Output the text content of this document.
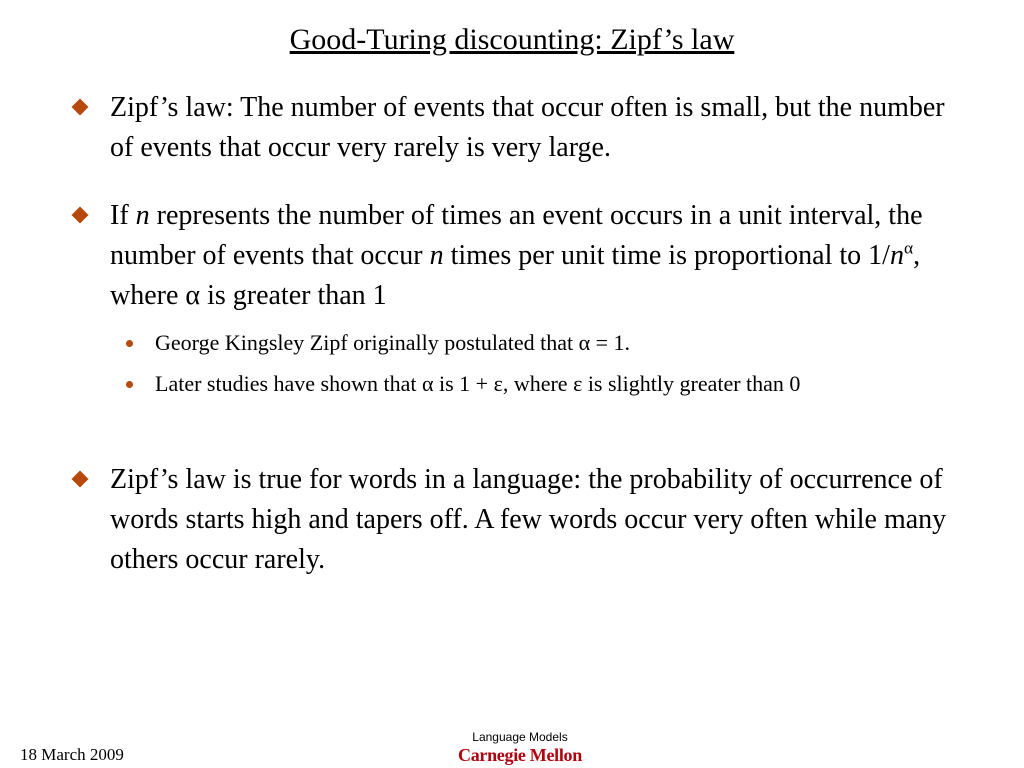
Good-Turing discounting: Zipf’s law
Zipf’s law: The number of events that occur often is small, but the number of events that occur very rarely is very large.
If n represents the number of times an event occurs in a unit interval, the number of events that occur n times per unit time is proportional to $1/n^\alpha$, where α is greater than 1
George Kingsley Zipf originally postulated that α = 1.
Later studies have shown that α is 1 + ε, where ε is slightly greater than 0
Zipf’s law is true for words in a language: the probability of occurrence of words starts high and tapers off. A few words occur very often while many others occur rarely.
18 March 2009
Language Models
Carnegie Mellon
